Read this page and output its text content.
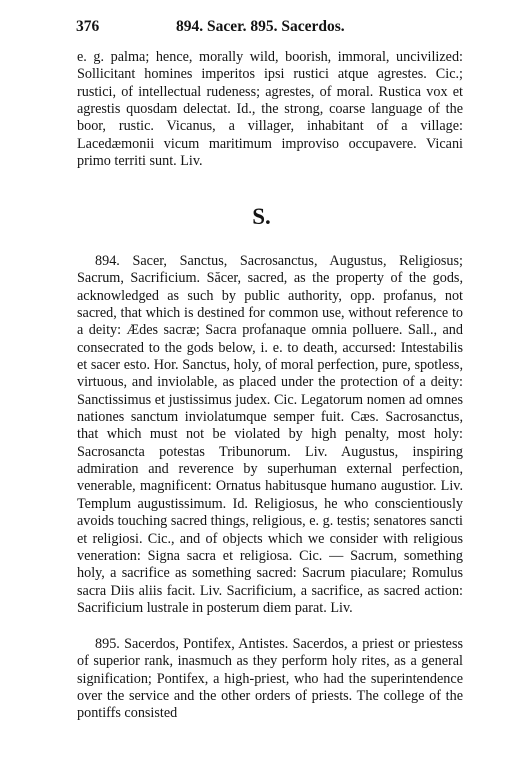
376	894. Sacer. 895. Sacerdos.

e. g. palma; hence, morally wild, boorish, immoral, uncivilized: Sollicitant homines imperitos ipsi rustici atque agrestes. Cic.; rustici, of intellectual rudeness; agrestes, of moral. Rustica vox et agrestis quosdam delectat. Id., the strong, coarse language of the boor, rustic. Vicanus, a villager, inhabitant of a village: Lacedæmonii vicum maritimum improviso occupavere. Vicani primo territi sunt. Liv.

S.

894. Sacer, Sanctus, Sacrosanctus, Augustus, Religiosus; Sacrum, Sacrificium. Săcer, sacred, as the property of the gods, acknowledged as such by public authority, opp. profanus, not sacred, that which is destined for common use, without reference to a deity: Ædes sacræ; Sacra profanaque omnia polluere. Sall., and consecrated to the gods below, i. e. to death, accursed: Intestabilis et sacer esto. Hor. Sanctus, holy, of moral perfection, pure, spotless, virtuous, and inviolable, as placed under the protection of a deity: Sanctissimus et justissimus judex. Cic. Legatorum nomen ad omnes nationes sanctum inviolatumque semper fuit. Cæs. Sacrosanctus, that which must not be violated by high penalty, most holy: Sacrosancta potestas Tribunorum. Liv. Augustus, inspiring admiration and reverence by superhuman external perfection, venerable, magnificent: Ornatus habitusque humano augustior. Liv. Templum augustissimum. Id. Religiosus, he who conscientiously avoids touching sacred things, religious, e. g. testis; senatores sancti et religiosi. Cic., and of objects which we consider with religious veneration: Signa sacra et religiosa. Cic. — Sacrum, something holy, a sacrifice as something sacred: Sacrum piaculare; Romulus sacra Diis aliis facit. Liv. Sacrificium, a sacrifice, as sacred action: Sacrificium lustrale in posterum diem parat. Liv.

895. Sacerdos, Pontifex, Antistes. Sacerdos, a priest or priestess of superior rank, inasmuch as they perform holy rites, as a general signification; Pontifex, a high-priest, who had the superintendence over the service and the other orders of priests. The college of the pontiffs consisted
